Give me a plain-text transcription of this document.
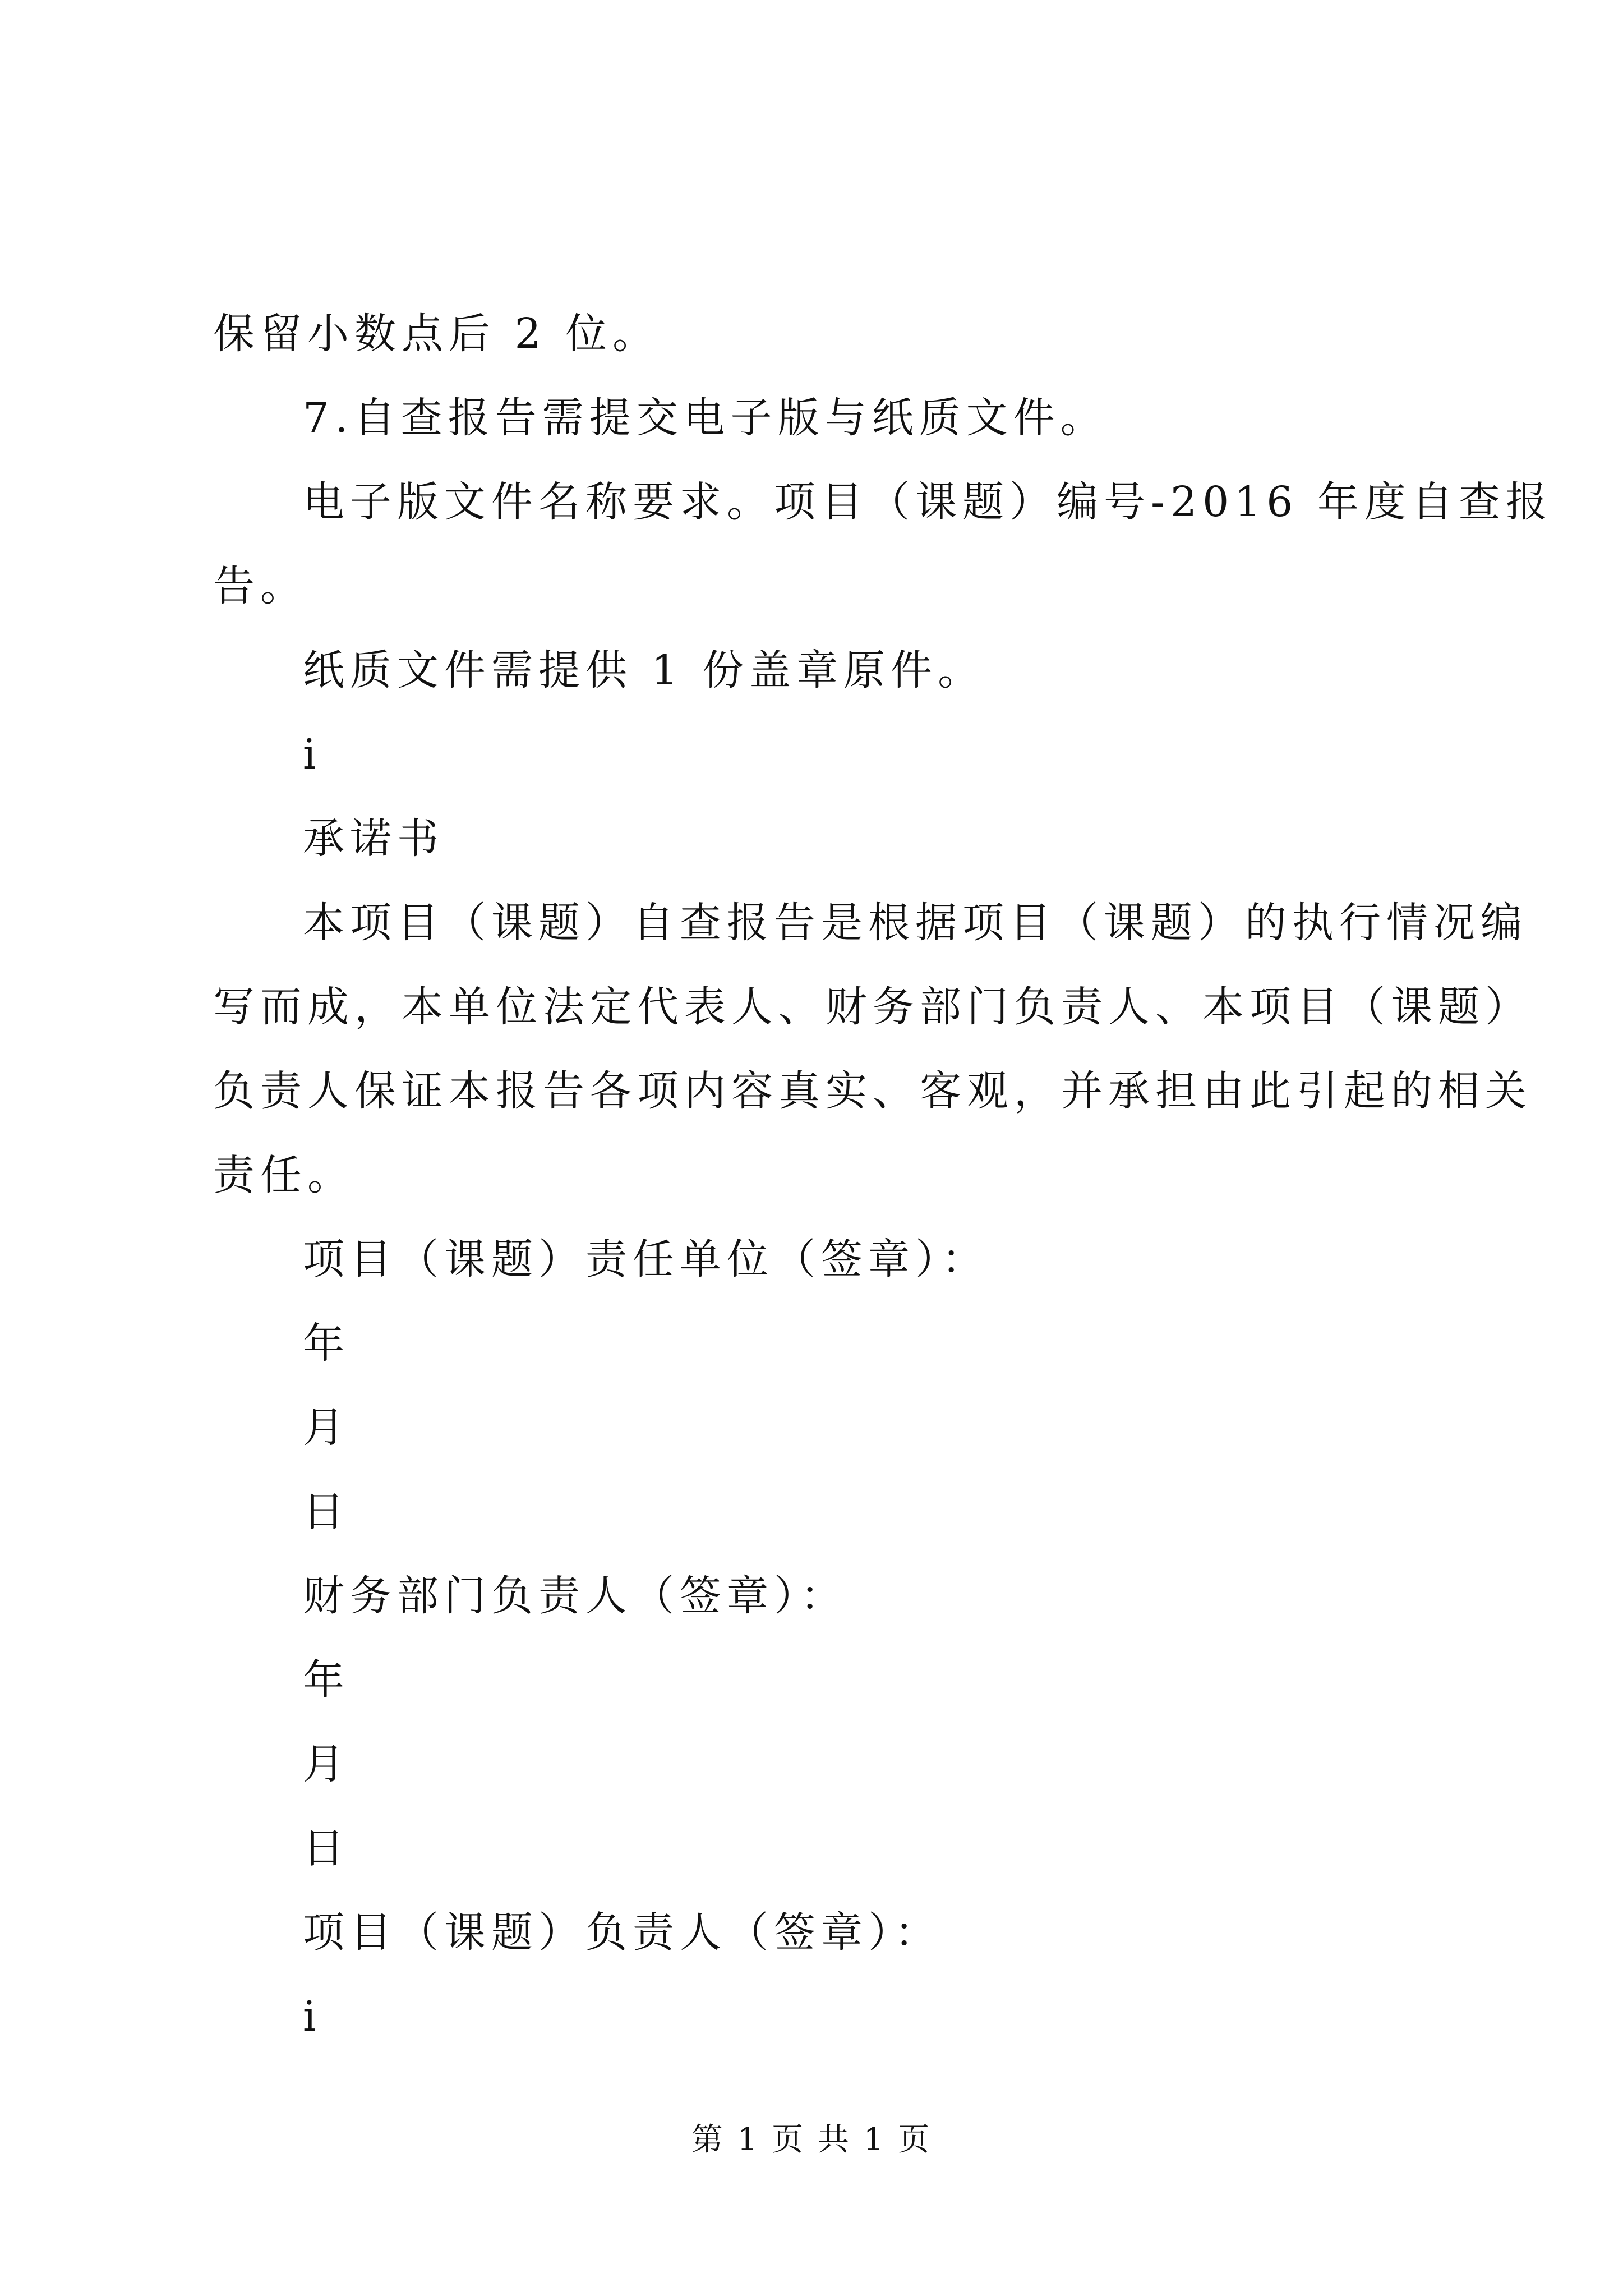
保留小数点后 2 位。
7.自查报告需提交电子版与纸质文件。
电子版文件名称要求。项目（课题）编号-2016 年度自查报
告。
纸质文件需提供 1 份盖章原件。
i
承诺书
本项目（课题）自查报告是根据项目（课题）的执行情况编
写而成，本单位法定代表人、财务部门负责人、本项目（课题）
负责人保证本报告各项内容真实、客观，并承担由此引起的相关
责任。
项目（课题）责任单位（签章）：
年
月
日
财务部门负责人（签章）：
年
月
日
项目（课题）负责人（签章）：
i
第 1 页 共 1 页
